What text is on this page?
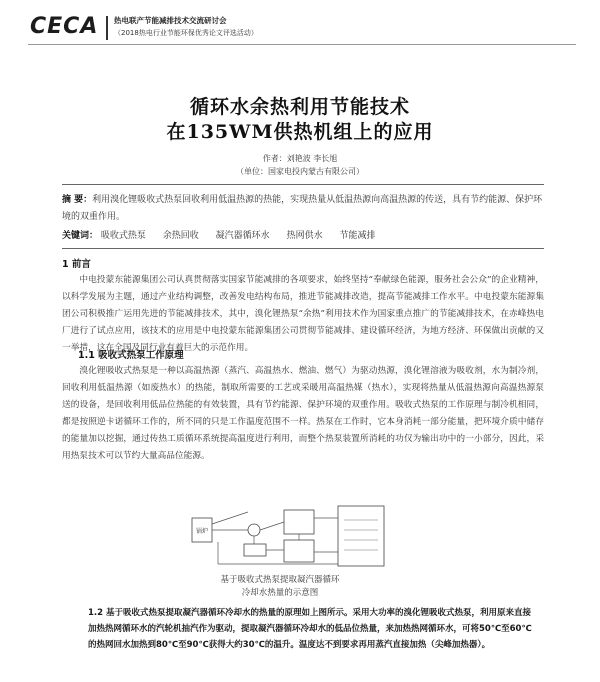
CECA 热电联产节能减排技术交流研讨会
（2018热电行业节能环保优秀论文评选活动）
循环水余热利用节能技术
在135WM供热机组上的应用
作者：刘艳波 李长旭
（单位：国家电投内蒙古有限公司）
摘 要：利用溴化锂吸收式热泵回收利用低温热源的热能，实现热量从低温热源向高温热源的传送，具有节约能源、保护环境的双重作用。
关键词： 吸收式热泵 余热回收 凝汽器循环水 热网供水 节能减排
1 前言

中电投蒙东能源集团公司认真贯彻落实国家节能减排的各项要求，始终坚持“奉献绿色能源，服务社会公众”的企业精神，以科学发展为主题，通过产业结构调整，改善发电结构布局，推进节能减排改造，提高节能减排工作水平。中电投蒙东能源集团公司积极推广运用先进的节能减排技术，其中，溴化锂热泵“余热”利用技术作为国家重点推广的节能减排技术，在赤峰热电厂进行了试点应用，该技术的应用是中电投蒙东能源集团公司贯彻节能减排、建设循环经济，为地方经济、环保做出贡献的又一举措，这在全国及同行业有着巨大的示范作用。

1.1 吸收式热泵工作原理

溴化锂吸收式热泵是一种以高温热源（蒸汽、高温热水、燃油、燃气）为驱动热源，溴化锂溶液为吸收剂，水为制冷剂，回收利用低温热源（如废热水）的热能，制取所需要的工艺或采暖用高温热媒（热水），实现将热量从低温热源向高温热源泵送的设备，是回收利用低品位热能的有效装置，具有节约能源、保护环境的双重作用。吸收式热泵的工作原理与制冷机相同，都是按照逆卡诺循环工作的，所不同的只是工作温度范围不一样。热泵在工作时，它本身消耗一部分能量，把环境介质中储存的能量加以挖掘，通过传热工质循环系统提高温度进行利用，而整个热泵装置所消耗的功仅为输出功中的一小部分，因此，采用热泵技术可以节约大量高品位能源。

锅炉
基于吸收式热泵提取凝汽器循环
冷却水热量的示意图

1.2 基于吸收式热泵提取凝汽器循环冷却水的热量的原理如上图所示。采用大功率的溴化锂吸收式热泵，利用原来直接加热热网循环水的汽轮机抽汽作为驱动，提取凝汽器循环冷却水的低品位热量，来加热热网循环水，可将50℃至60℃的热网回水加热到80℃至90℃获得大约30℃的温升。温度达不到要求再用蒸汽直接加热（尖峰加热器）。
